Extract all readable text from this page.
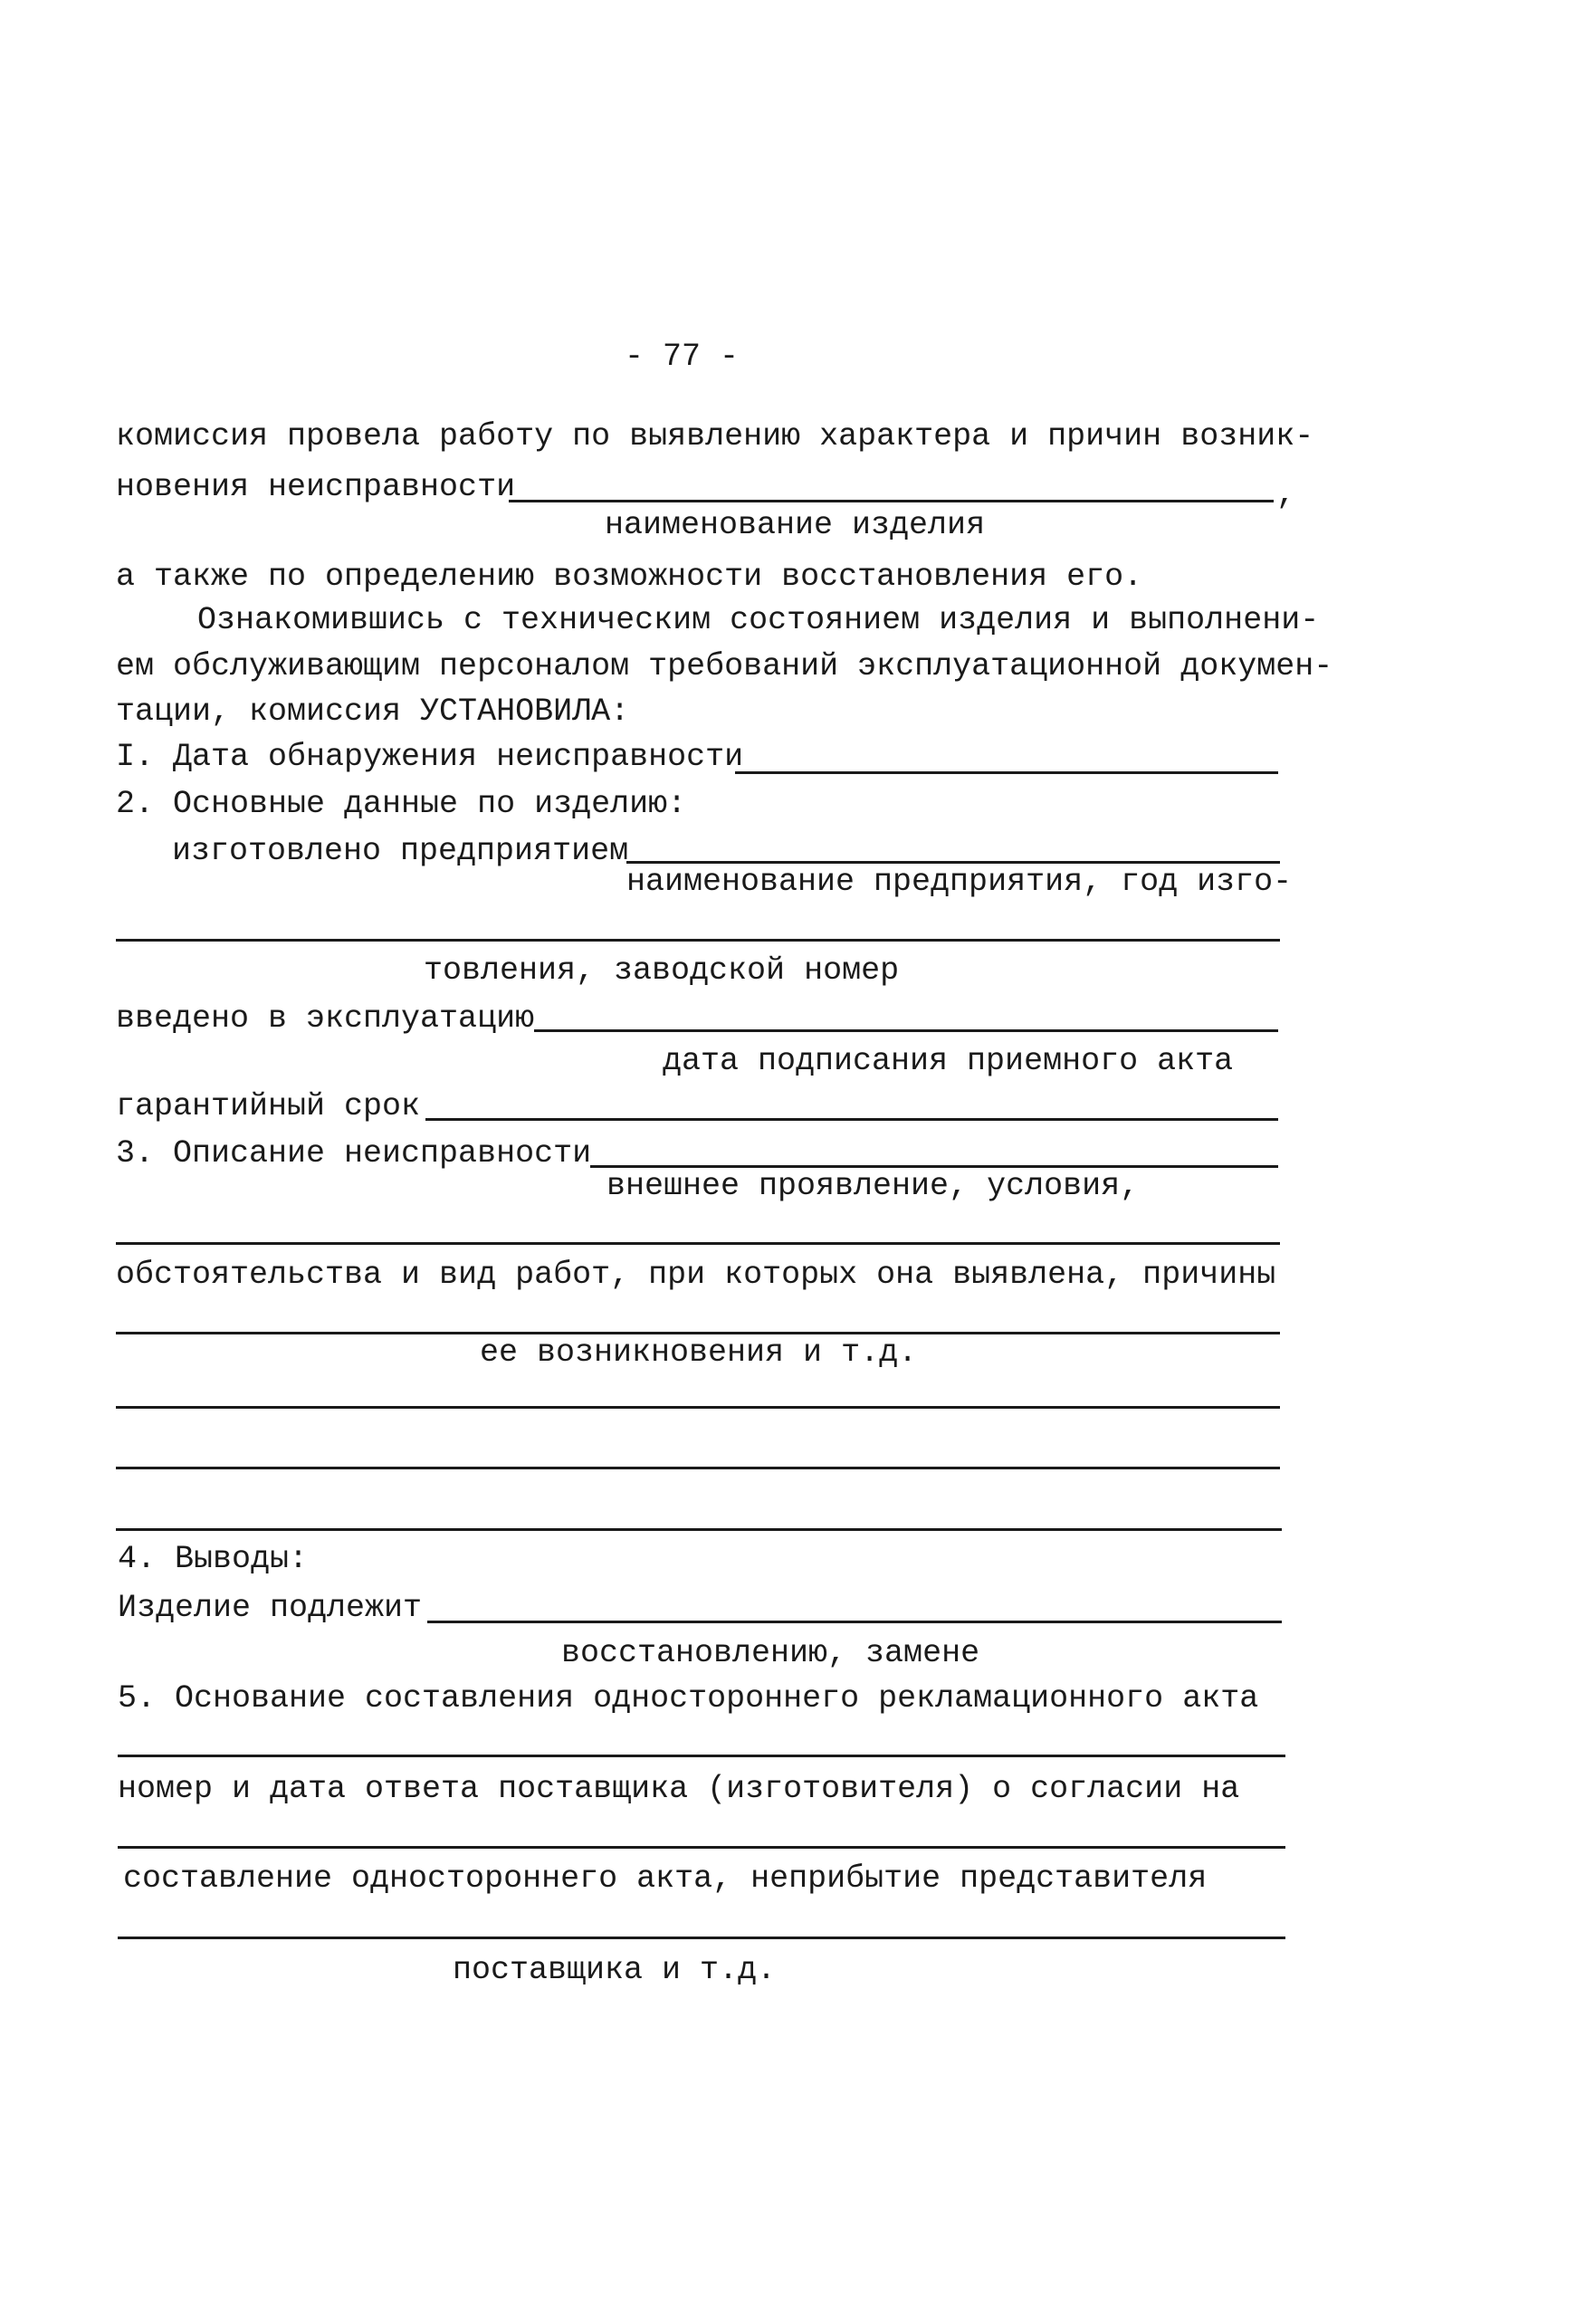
- 77 -
комиссия провела работу по выявлению характера и причин возник-
новения неисправности	,
наименование изделия
а также по определению возможности восстановления его.
Ознакомившись с техническим состоянием изделия и выполнени-
ем обслуживающим персоналом требований эксплуатационной докумен-
тации, комиссия УСТАНОВИЛА:
I. Дата обнаружения неисправности
2. Основные данные по изделию:
изготовлено предприятием
наименование предприятия, год изго-
товления, заводской номер
введено в эксплуатацию
дата подписания приемного акта
гарантийный срок
3. Описание неисправности
внешнее проявление, условия,
обстоятельства и вид работ, при которых она выявлена, причины
ее возникновения и т.д.
4. Выводы:
Изделие подлежит
восстановлению, замене
5. Основание составления одностороннего рекламационного акта
номер и дата ответа поставщика (изготовителя) о согласии на
составление одностороннего акта, неприбытие представителя
поставщика и т.д.
